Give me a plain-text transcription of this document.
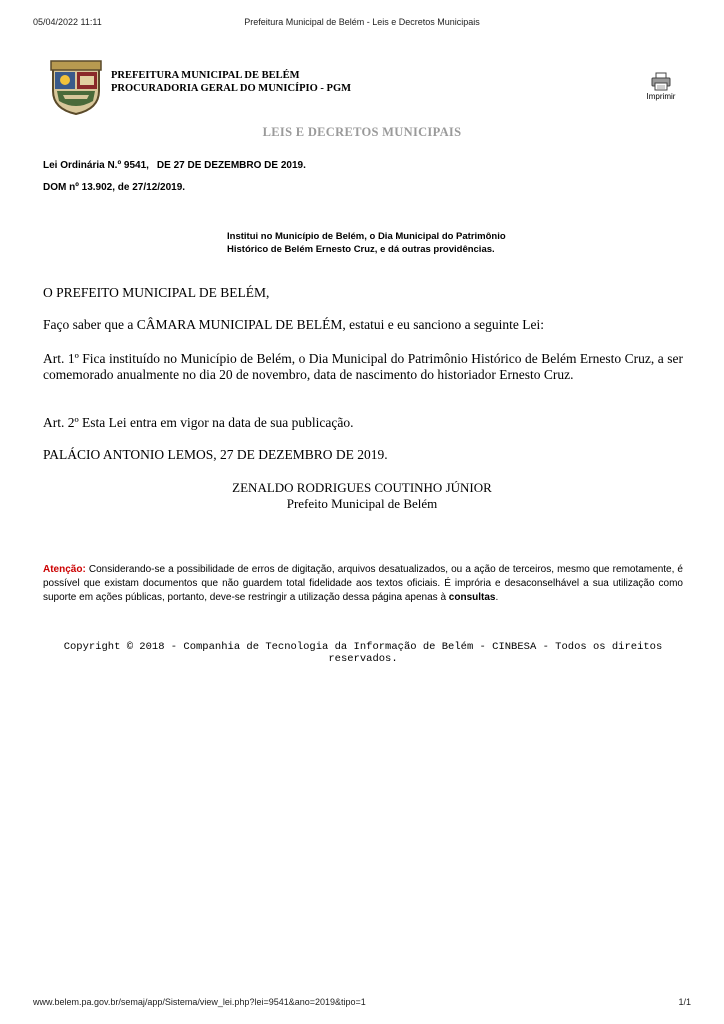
05/04/2022 11:11	Prefeitura Municipal de Belém - Leis e Decretos Municipais
PREFEITURA MUNICIPAL DE BELÉM
PROCURADORIA GERAL DO MUNICÍPIO - PGM
Imprimir
LEIS E DECRETOS MUNICIPAIS
Lei Ordinária N.º 9541, DE 27 DE DEZEMBRO DE 2019.
DOM nº 13.902, de 27/12/2019.
Institui no Município de Belém, o Dia Municipal do Patrimônio Histórico de Belém Ernesto Cruz, e dá outras providências.
O PREFEITO MUNICIPAL DE BELÉM,
Faço saber que a CÂMARA MUNICIPAL DE BELÉM, estatui e eu sanciono a seguinte Lei:
Art. 1º Fica instituído no Município de Belém, o Dia Municipal do Patrimônio Histórico de Belém Ernesto Cruz, a ser comemorado anualmente no dia 20 de novembro, data de nascimento do historiador Ernesto Cruz.
Art. 2º Esta Lei entra em vigor na data de sua publicação.
PALÁCIO ANTONIO LEMOS, 27 DE DEZEMBRO DE 2019.
ZENALDO RODRIGUES COUTINHO JÚNIOR
Prefeito Municipal de Belém
Atenção: Considerando-se a possibilidade de erros de digitação, arquivos desatualizados, ou a ação de terceiros, mesmo que remotamente, é possível que existam documentos que não guardem total fidelidade aos textos oficiais. É imprória e desaconselhável a sua utilização como suporte em ações públicas, portanto, deve-se restringir a utilização dessa página apenas à consultas.
Copyright © 2018 - Companhia de Tecnologia da Informação de Belém - CINBESA - Todos os direitos reservados.
www.belem.pa.gov.br/semaj/app/Sistema/view_lei.php?lei=9541&ano=2019&tipo=1	1/1
